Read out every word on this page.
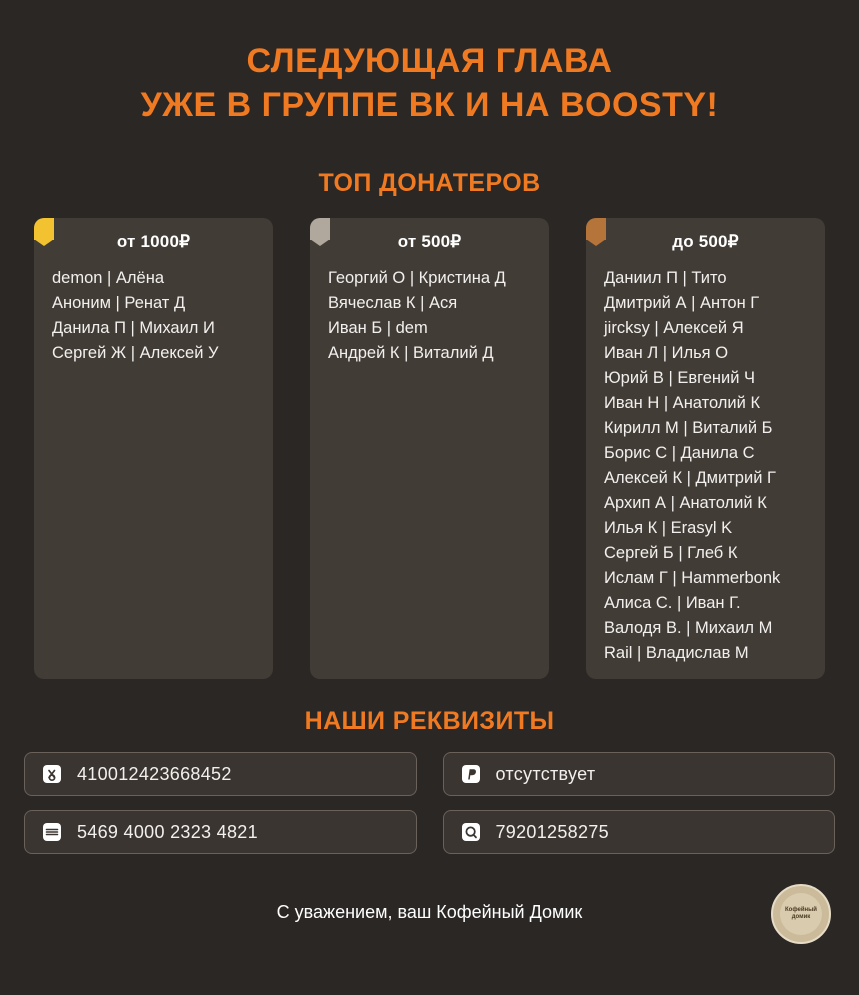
СЛЕДУЮЩАЯ ГЛАВА
УЖЕ В ГРУППЕ ВК И НА BOOSTY!
ТОП ДОНАТЕРОВ
от 1000₽
demon | Алёна
Аноним | Ренат Д
Данила П | Михаил И
Сергей Ж | Алексей У
от 500₽
Георгий О | Кристина Д
Вячеслав К | Ася
Иван Б | dem
Андрей К | Виталий Д
до 500₽
Даниил П | Тито
Дмитрий А | Антон Г
jircksy | Алексей Я
Иван Л | Илья О
Юрий В | Евгений Ч
Иван Н | Анатолий К
Кирилл М | Виталий Б
Борис С | Данила С
Алексей К | Дмитрий Г
Архип А | Анатолий К
Илья К | Erasyl K
Сергей Б | Глеб К
Ислам Г | Hammerbonk
Алиса С. | Иван Г.
Валодя В. | Михаил М
Rail | Владислав М
НАШИ РЕКВИЗИТЫ
410012423668452	отсутствует
5469 4000 2323 4821	79201258275
С уважением, ваш Кофейный Домик	Кофейный домик
